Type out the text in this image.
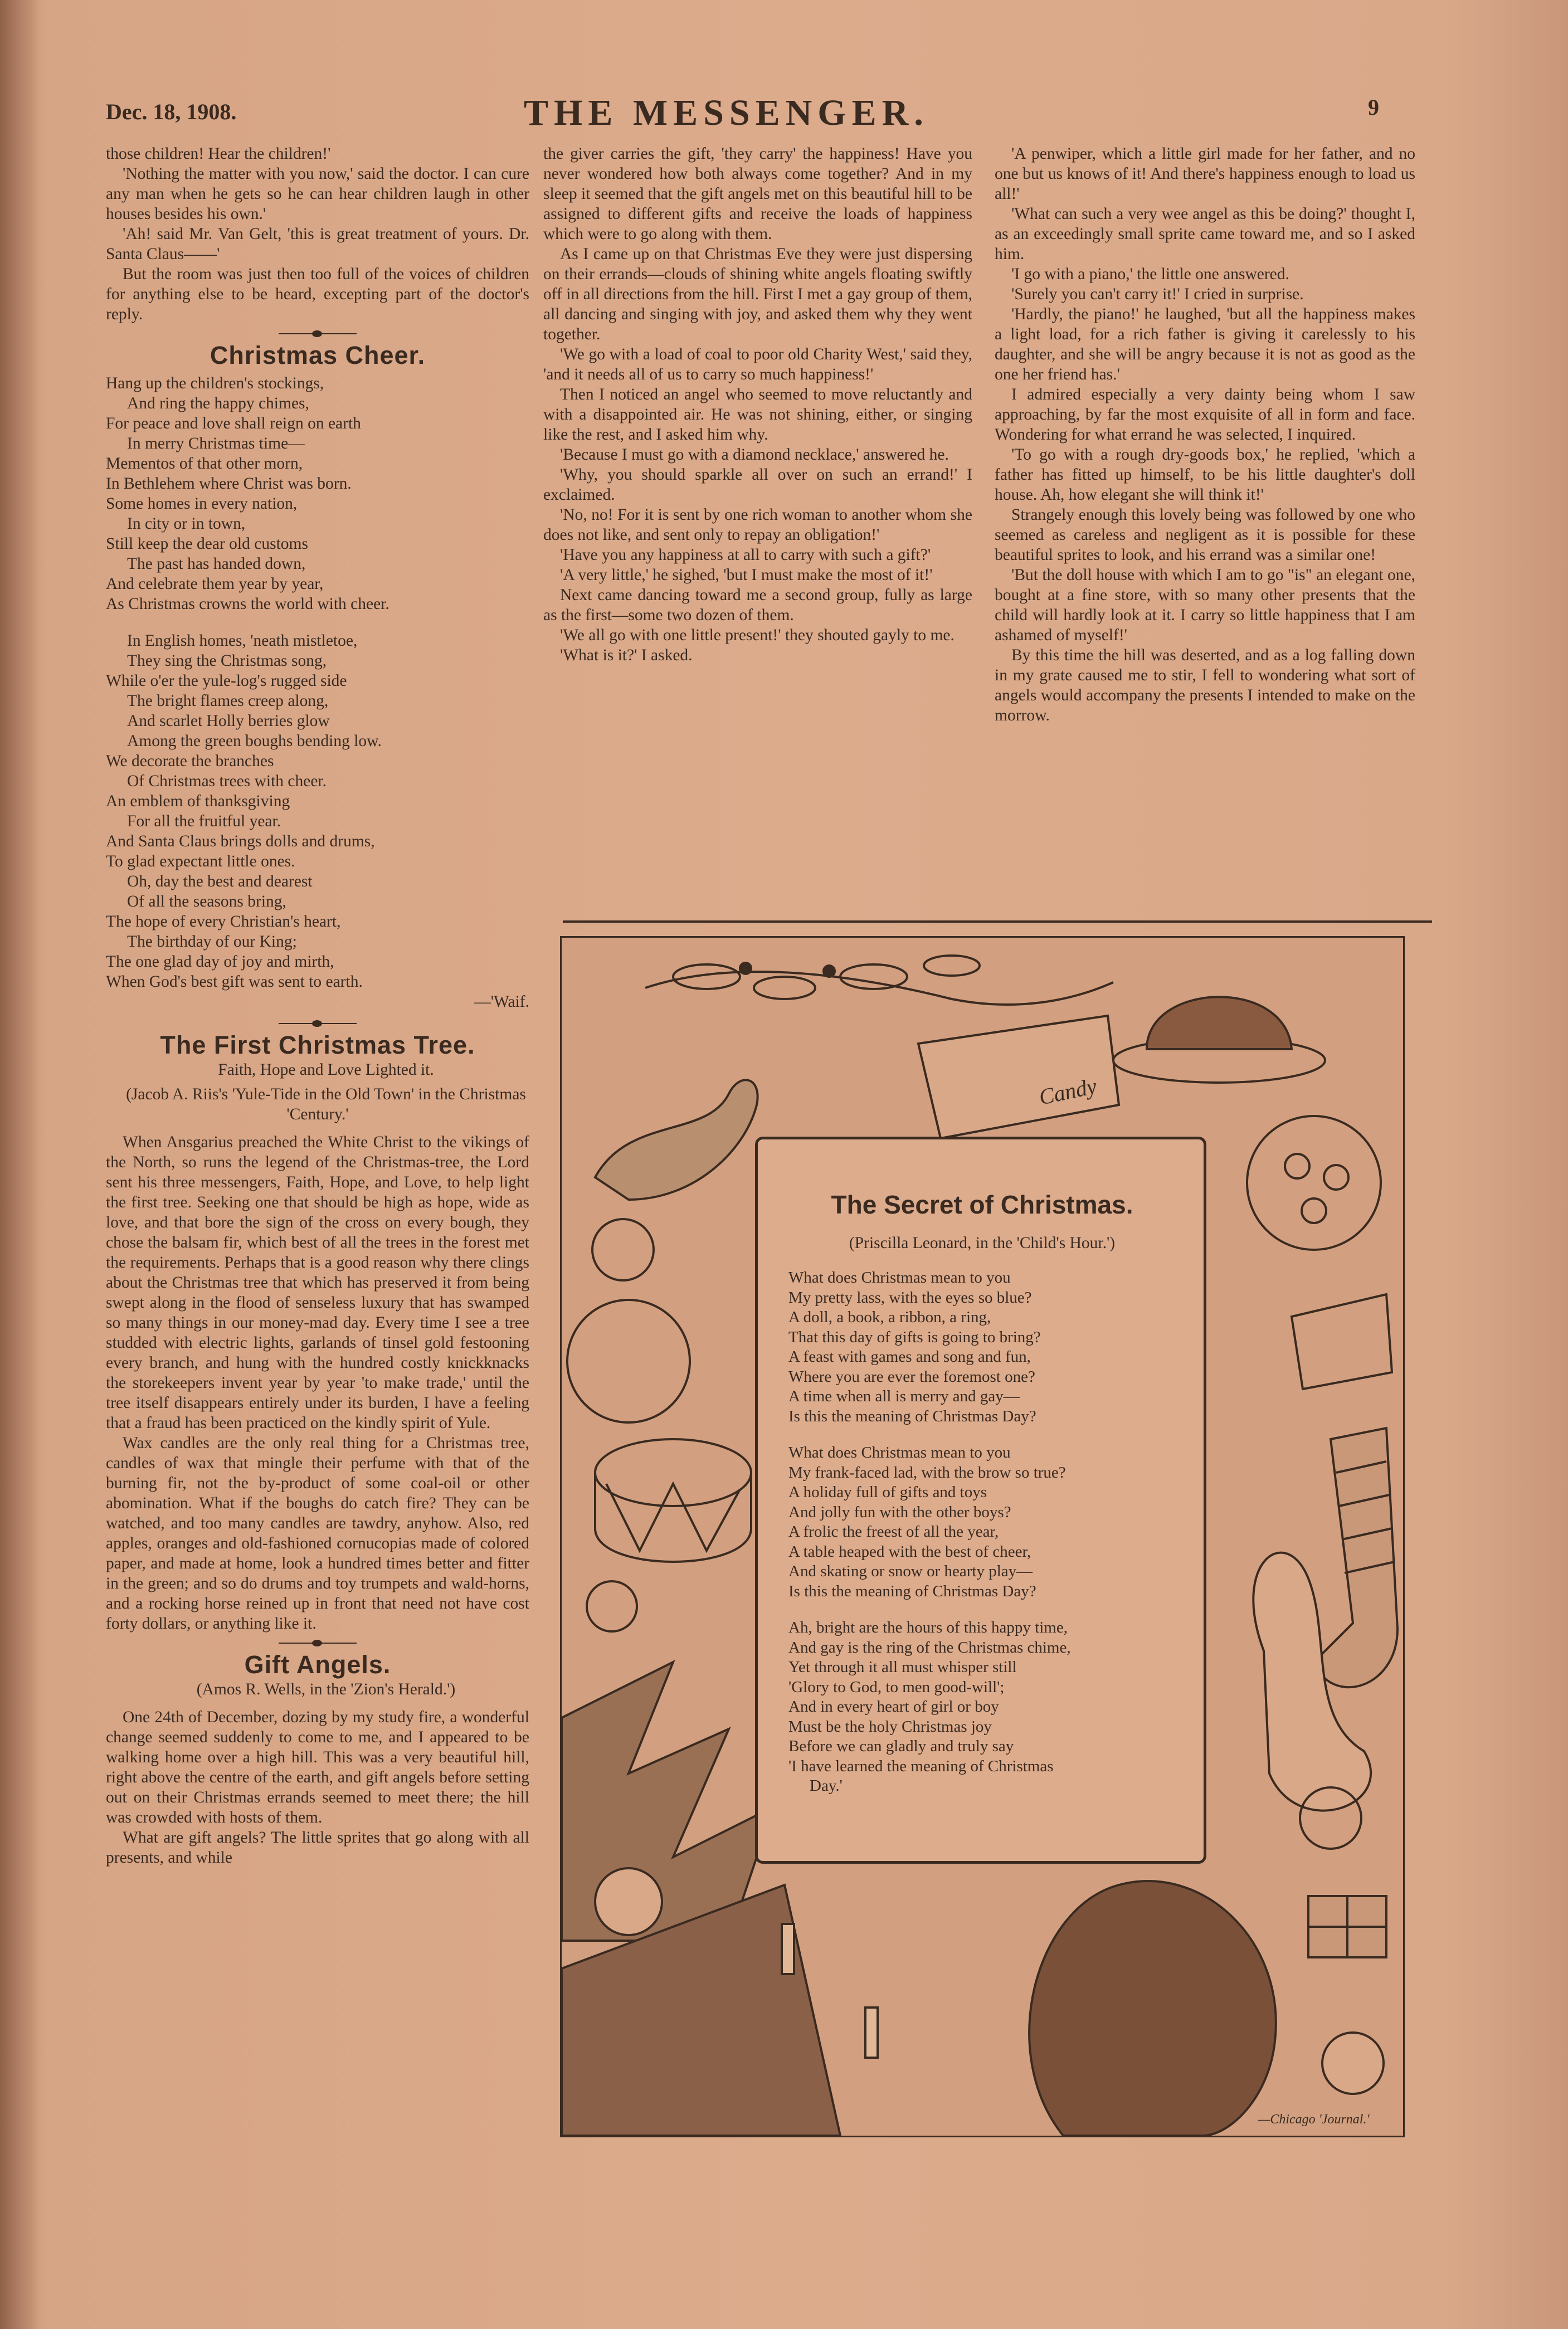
Dec. 18, 1908.	THE MESSENGER.	9

those children! Hear the children!'

'Nothing the matter with you now,' said the doctor. I can cure any man when he gets so he can hear children laugh in other houses besides his own.'

'Ah! said Mr. Van Gelt, 'this is great treatment of yours. Dr. Santa Claus——'

But the room was just then too full of the voices of children for anything else to be heard, excepting part of the doctor's reply.

Christmas Cheer.
Hang up the children's stockings,
And ring the happy chimes,
For peace and love shall reign on earth
In merry Christmas time—
Mementos of that other morn,
In Bethlehem where Christ was born.
Some homes in every nation,
In city or in town,
Still keep the dear old customs
The past has handed down,
And celebrate them year by year,
As Christmas crowns the world with cheer.
In English homes, 'neath mistletoe,
They sing the Christmas song,
While o'er the yule-log's rugged side
The bright flames creep along,
And scarlet Holly berries glow
Among the green boughs bending low.
We decorate the branches
Of Christmas trees with cheer.
An emblem of thanksgiving
For all the fruitful year.
And Santa Claus brings dolls and drums,
To glad expectant little ones.
Oh, day the best and dearest
Of all the seasons bring,
The hope of every Christian's heart,
The birthday of our King;
The one glad day of joy and mirth,
When God's best gift was sent to earth.
—'Waif.
The First Christmas Tree.

Faith, Hope and Love Lighted it.

(Jacob A. Riis's 'Yule-Tide in the Old Town' in the Christmas 'Century.'

When Ansgarius preached the White Christ to the vikings of the North, so runs the legend of the Christmas-tree, the Lord sent his three messengers, Faith, Hope, and Love, to help light the first tree. Seeking one that should be high as hope, wide as love, and that bore the sign of the cross on every bough, they chose the balsam fir, which best of all the trees in the forest met the requirements. Perhaps that is a good reason why there clings about the Christmas tree that which has preserved it from being swept along in the flood of senseless luxury that has swamped so many things in our money-mad day. Every time I see a tree studded with electric lights, garlands of tinsel gold festooning every branch, and hung with the hundred costly knickknacks the storekeepers invent year by year 'to make trade,' until the tree itself disappears entirely under its burden, I have a feeling that a fraud has been practiced on the kindly spirit of Yule.

Wax candles are the only real thing for a Christmas tree, candles of wax that mingle their perfume with that of the burning fir, not the by-product of some coal-oil or other abomination. What if the boughs do catch fire? They can be watched, and too many candles are tawdry, anyhow. Also, red apples, oranges and old-fashioned cornucopias made of colored paper, and made at home, look a hundred times better and fitter in the green; and so do drums and toy trumpets and wald-horns, and a rocking horse reined up in front that need not have cost forty dollars, or anything like it.

Gift Angels.

(Amos R. Wells, in the 'Zion's Herald.')

One 24th of December, dozing by my study fire, a wonderful change seemed suddenly to come to me, and I appeared to be walking home over a high hill. This was a very beautiful hill, right above the centre of the earth, and gift angels before setting out on their Christmas errands seemed to meet there; the hill was crowded with hosts of them.

What are gift angels? The little sprites that go along with all presents, and while

the giver carries the gift, 'they carry' the happiness! Have you never wondered how both always come together? And in my sleep it seemed that the gift angels met on this beautiful hill to be assigned to different gifts and receive the loads of happiness which were to go along with them.

As I came up on that Christmas Eve they were just dispersing on their errands—clouds of shining white angels floating swiftly off in all directions from the hill. First I met a gay group of them, all dancing and singing with joy, and asked them why they went together.

'We go with a load of coal to poor old Charity West,' said they, 'and it needs all of us to carry so much happiness!'

Then I noticed an angel who seemed to move reluctantly and with a disappointed air. He was not shining, either, or singing like the rest, and I asked him why.

'Because I must go with a diamond necklace,' answered he.

'Why, you should sparkle all over on such an errand!' I exclaimed.

'No, no! For it is sent by one rich woman to another whom she does not like, and sent only to repay an obligation!'

'Have you any happiness at all to carry with such a gift?'

'A very little,' he sighed, 'but I must make the most of it!'

Next came dancing toward me a second group, fully as large as the first—some two dozen of them.

'We all go with one little present!' they shouted gayly to me.

'What is it?' I asked.

'A penwiper, which a little girl made for her father, and no one but us knows of it! And there's happiness enough to load us all!'

'What can such a very wee angel as this be doing?' thought I, as an exceedingly small sprite came toward me, and so I asked him.

'I go with a piano,' the little one answered.

'Surely you can't carry it!' I cried in surprise.

'Hardly, the piano!' he laughed, 'but all the happiness makes a light load, for a rich father is giving it carelessly to his daughter, and she will be angry because it is not as good as the one her friend has.'

I admired especially a very dainty being whom I saw approaching, by far the most exquisite of all in form and face. Wondering for what errand he was selected, I inquired.

'To go with a rough dry-goods box,' he replied, 'which a father has fitted up himself, to be his little daughter's doll house. Ah, how elegant she will think it!'

Strangely enough this lovely being was followed by one who seemed as careless and negligent as it is possible for these beautiful sprites to look, and his errand was a similar one!

'But the doll house with which I am to go "is" an elegant one, bought at a fine store, with so many other presents that the child will hardly look at it. I carry so little happiness that I am ashamed of myself!'

By this time the hill was deserted, and as a log falling down in my grate caused me to stir, I fell to wondering what sort of angels would accompany the presents I intended to make on the morrow.

Candy
—Chicago 'Journal.'
The Secret of Christmas.

(Priscilla Leonard, in the 'Child's Hour.')

What does Christmas mean to you
My pretty lass, with the eyes so blue?
A doll, a book, a ribbon, a ring,
That this day of gifts is going to bring?
A feast with games and song and fun,
Where you are ever the foremost one?
A time when all is merry and gay—
Is this the meaning of Christmas Day?
What does Christmas mean to you
My frank-faced lad, with the brow so true?
A holiday full of gifts and toys
And jolly fun with the other boys?
A frolic the freest of all the year,
A table heaped with the best of cheer,
And skating or snow or hearty play—
Is this the meaning of Christmas Day?
Ah, bright are the hours of this happy time,
And gay is the ring of the Christmas chime,
Yet through it all must whisper still
'Glory to God, to men good-will';
And in every heart of girl or boy
Must be the holy Christmas joy
Before we can gladly and truly say
'I have learned the meaning of Christmas
Day.'
